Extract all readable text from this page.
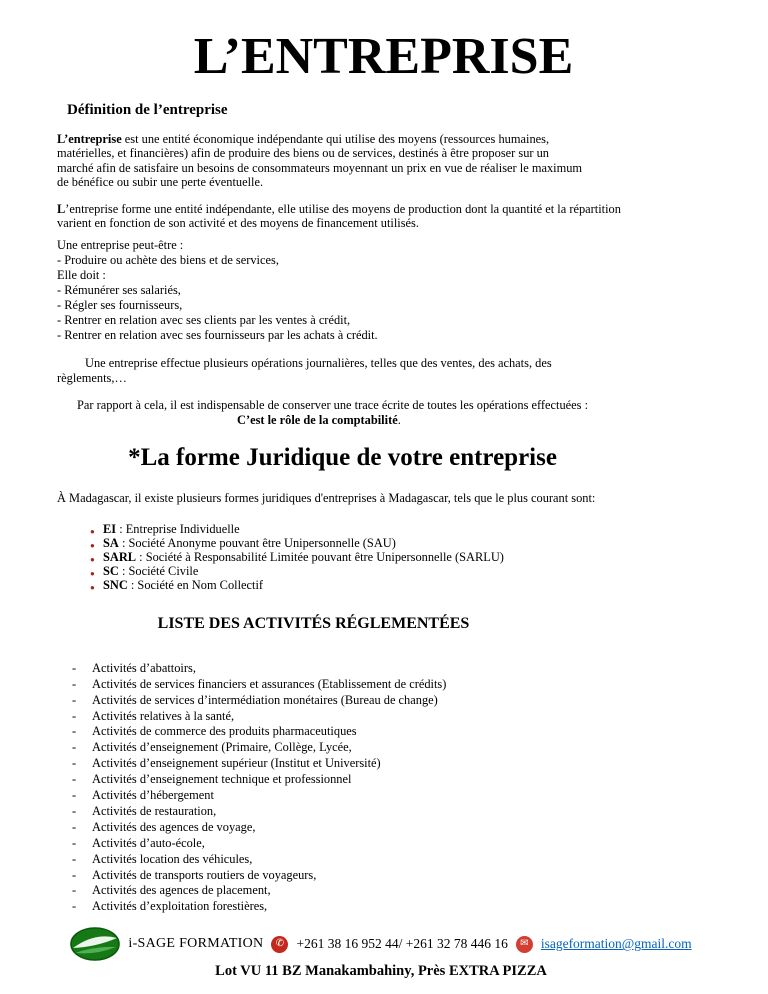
L’ENTREPRISE
Définition de l’entreprise

L’entreprise est une entité économique indépendante qui utilise des moyens (ressources humaines,
matérielles, et financières) afin de produire des biens ou de services, destinés à être proposer sur un
marché afin de satisfaire un besoins de consommateurs moyennant un prix en vue de réaliser le maximum
de bénéfice ou subir une perte éventuelle.

L’entreprise forme une entité indépendante, elle utilise des moyens de production dont la quantité et la répartition
varient en fonction de son activité et des moyens de financement utilisés.

Une entreprise peut-être :
- Produire ou achète des biens et de services,
Elle doit :
- Rémunérer ses salariés,
- Régler ses fournisseurs,
- Rentrer en relation avec ses clients par les ventes à crédit,
- Rentrer en relation avec ses fournisseurs par les achats à crédit.

Une entreprise effectue plusieurs opérations journalières, telles que des ventes, des achats, des
règlements,…

Par rapport à cela, il est indispensable de conserver une trace écrite de toutes les opérations effectuées :

C’est le rôle de la comptabilité.

*La forme Juridique de votre entreprise

À Madagascar, il existe plusieurs formes juridiques d'entreprises à Madagascar, tels que le plus courant sont:

● EI : Entreprise Individuelle
● SA : Société Anonyme pouvant être Unipersonnelle (SAU)
● SARL : Société à Responsabilité Limitée pouvant être Unipersonnelle (SARLU)
● SC : Société Civile
● SNC : Société en Nom Collectif
LISTE DES ACTIVITÉS RÉGLEMENTÉES
- Activités d’abattoirs,
- Activités de services financiers et assurances (Etablissement de crédits)
- Activités de services d’intermédiation monétaires (Bureau de change)
- Activités relatives à la santé,
- Activités de commerce des produits pharmaceutiques
- Activités d’enseignement (Primaire, Collège, Lycée,
- Activités d’enseignement supérieur (Institut et Université)
- Activités d’enseignement technique et professionnel
- Activités d’hébergement
- Activités de restauration,
- Activités des agences de voyage,
- Activités d’auto-école,
- Activités location des véhicules,
- Activités de transports routiers de voyageurs,
- Activités des agences de placement,
- Activités d’exploitation forestières,
i-SAGE FORMATION ✆ +261 38 16 952 44/ +261 32 78 446 16 ✉ isageformation@gmail.com
Lot VU 11 BZ Manakambahiny, Près EXTRA PIZZA
